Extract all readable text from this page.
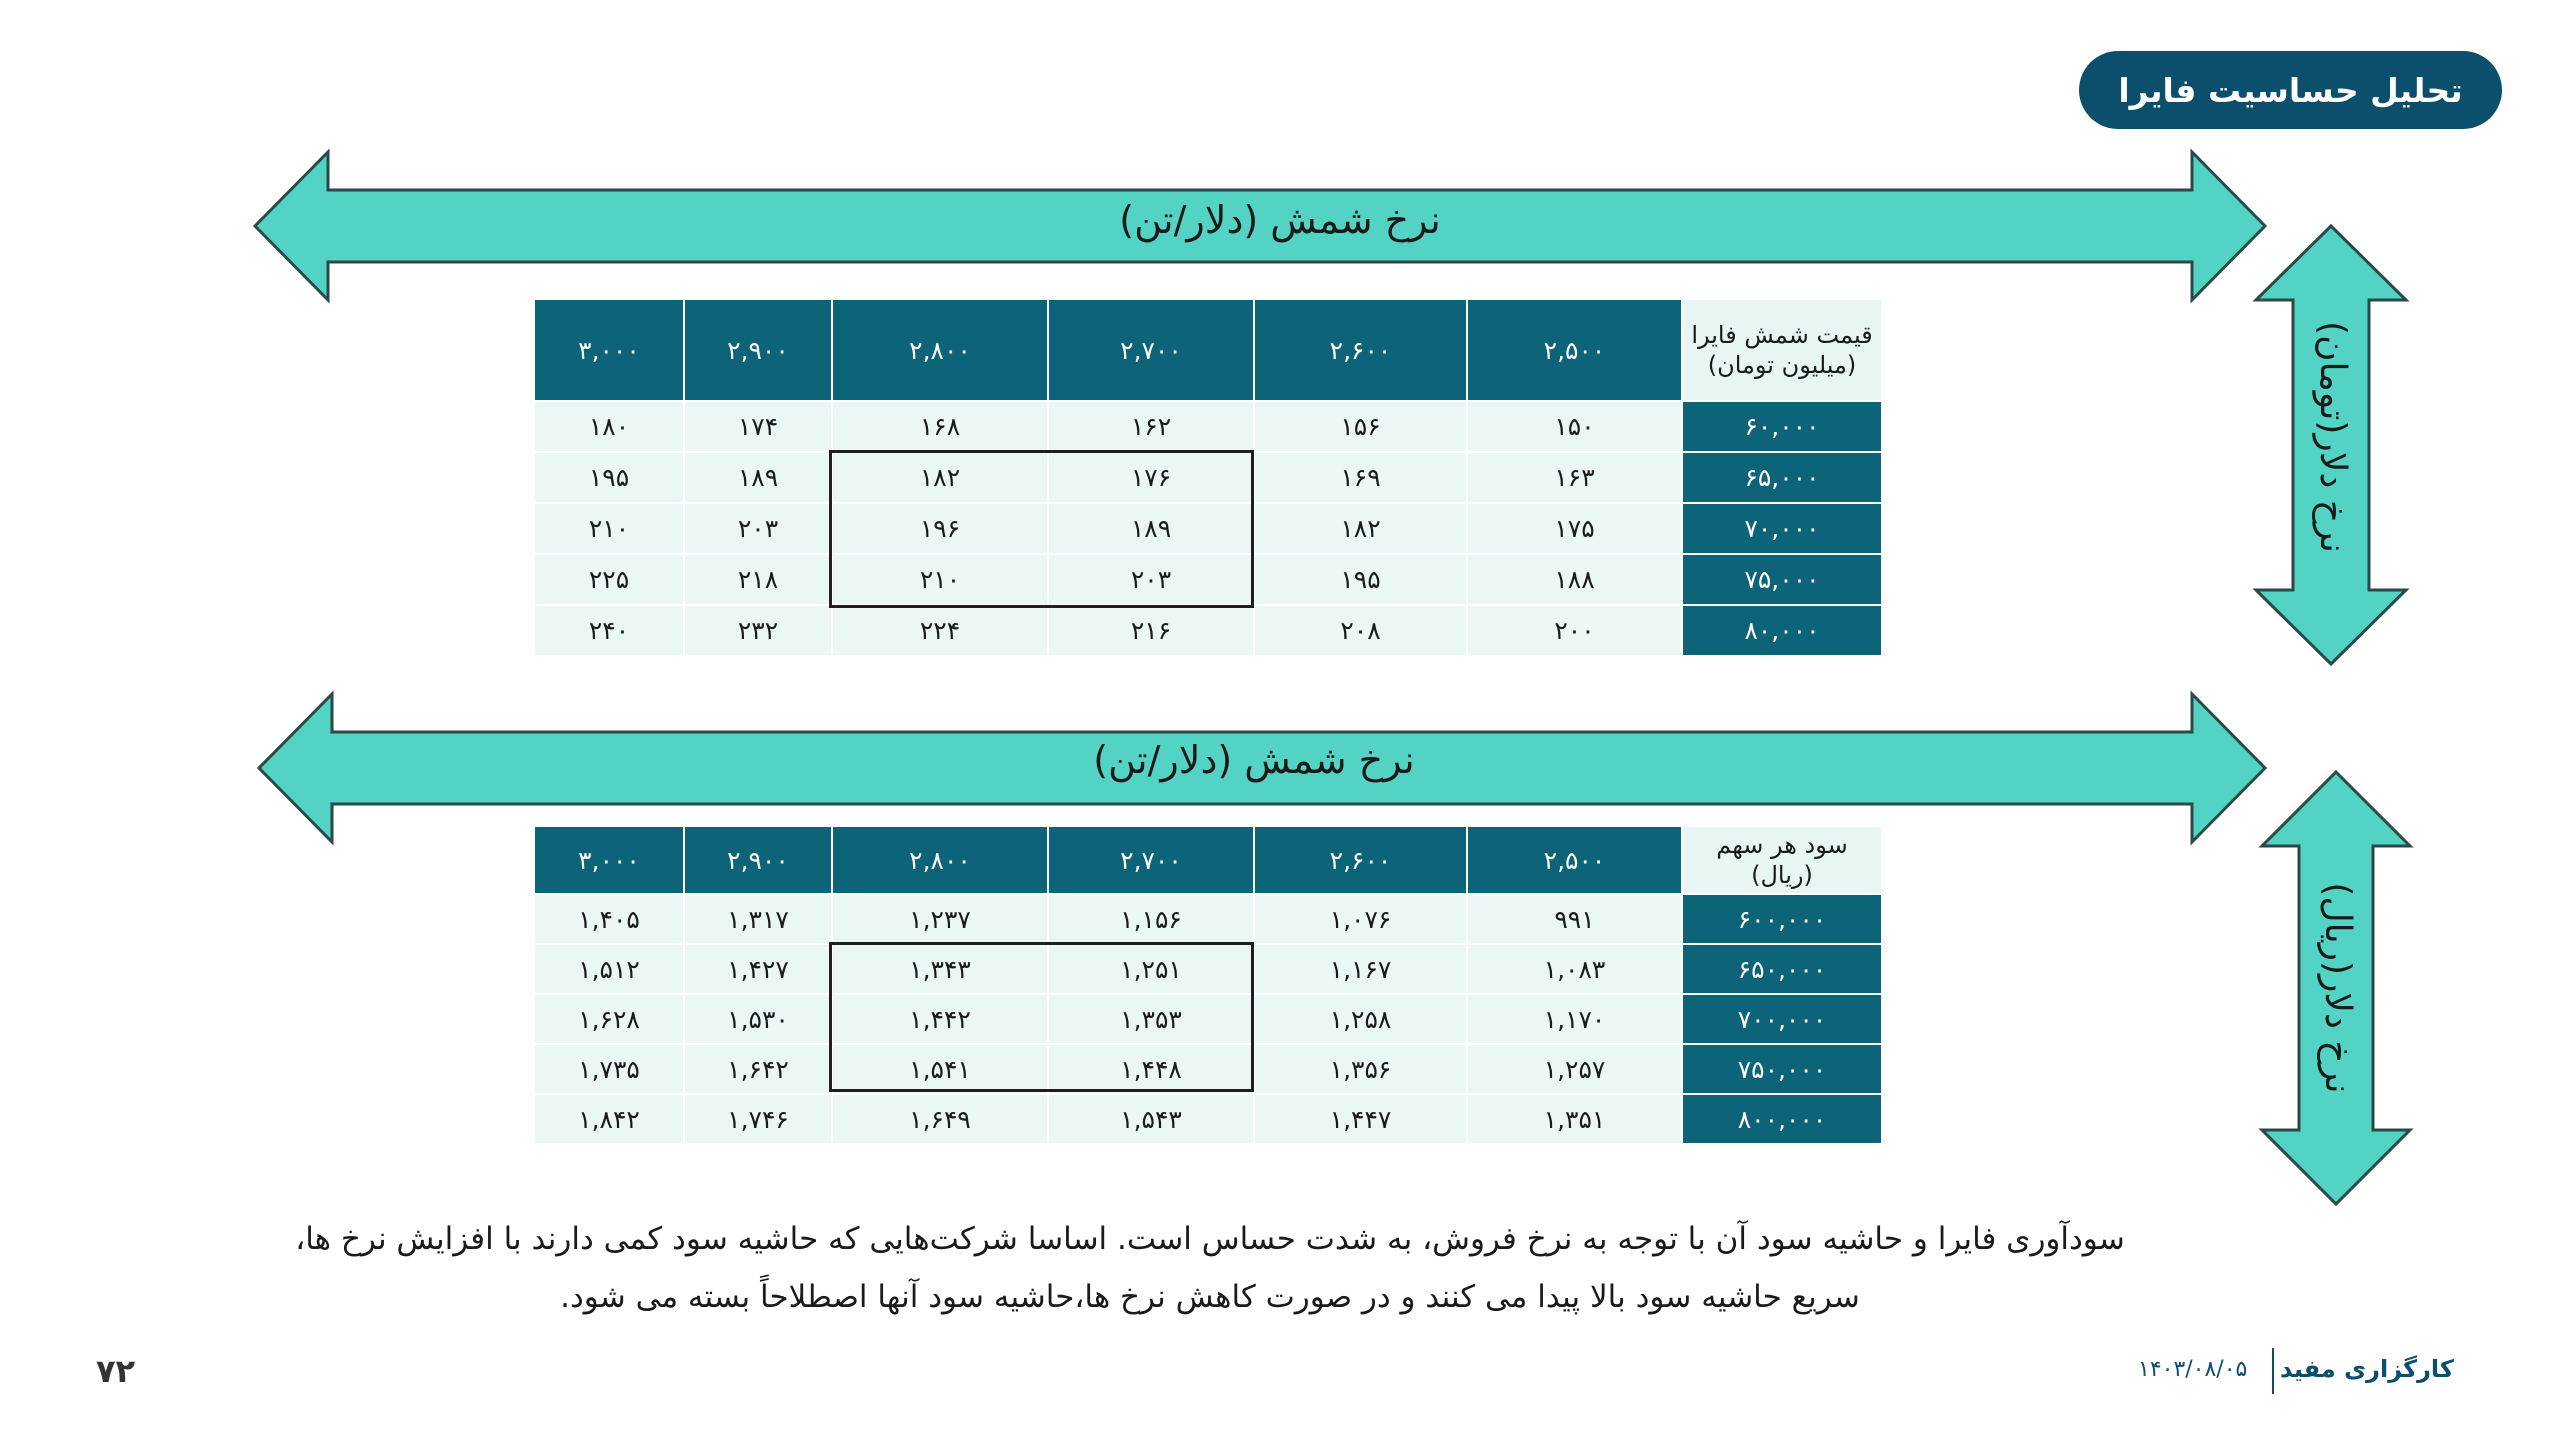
تحلیل حساسیت فایرا
نرخ شمش (دلار/تن)
نرخ دلار(تومان)
قیمت شمش فایرا (میلیون تومان)	۲,۵۰۰	۲,۶۰۰	۲,۷۰۰	۲,۸۰۰	۲,۹۰۰	۳,۰۰۰
۶۰,۰۰۰	۱۵۰	۱۵۶	۱۶۲	۱۶۸	۱۷۴	۱۸۰
۶۵,۰۰۰	۱۶۳	۱۶۹	۱۷۶	۱۸۲	۱۸۹	۱۹۵
۷۰,۰۰۰	۱۷۵	۱۸۲	۱۸۹	۱۹۶	۲۰۳	۲۱۰
۷۵,۰۰۰	۱۸۸	۱۹۵	۲۰۳	۲۱۰	۲۱۸	۲۲۵
۸۰,۰۰۰	۲۰۰	۲۰۸	۲۱۶	۲۲۴	۲۳۲	۲۴۰
نرخ شمش (دلار/تن)
نرخ دلار(ریال)
سود هر سهم (ریال)	۲,۵۰۰	۲,۶۰۰	۲,۷۰۰	۲,۸۰۰	۲,۹۰۰	۳,۰۰۰
۶۰۰,۰۰۰	۹۹۱	۱,۰۷۶	۱,۱۵۶	۱,۲۳۷	۱,۳۱۷	۱,۴۰۵
۶۵۰,۰۰۰	۱,۰۸۳	۱,۱۶۷	۱,۲۵۱	۱,۳۴۳	۱,۴۲۷	۱,۵۱۲
۷۰۰,۰۰۰	۱,۱۷۰	۱,۲۵۸	۱,۳۵۳	۱,۴۴۲	۱,۵۳۰	۱,۶۲۸
۷۵۰,۰۰۰	۱,۲۵۷	۱,۳۵۶	۱,۴۴۸	۱,۵۴۱	۱,۶۴۲	۱,۷۳۵
۸۰۰,۰۰۰	۱,۳۵۱	۱,۴۴۷	۱,۵۴۳	۱,۶۴۹	۱,۷۴۶	۱,۸۴۲
سودآوری فایرا و حاشیه سود آن با توجه به نرخ فروش، به شدت حساس است. اساسا شرکت‌هایی که حاشیه سود کمی دارند با افزایش نرخ ها، سریع حاشیه سود بالا پیدا می کنند و در صورت کاهش نرخ ها،حاشیه سود آنها اصطلاحاً بسته می شود.
۷۲	کارگزاری مفید
۱۴۰۳/۰۸/۰۵
